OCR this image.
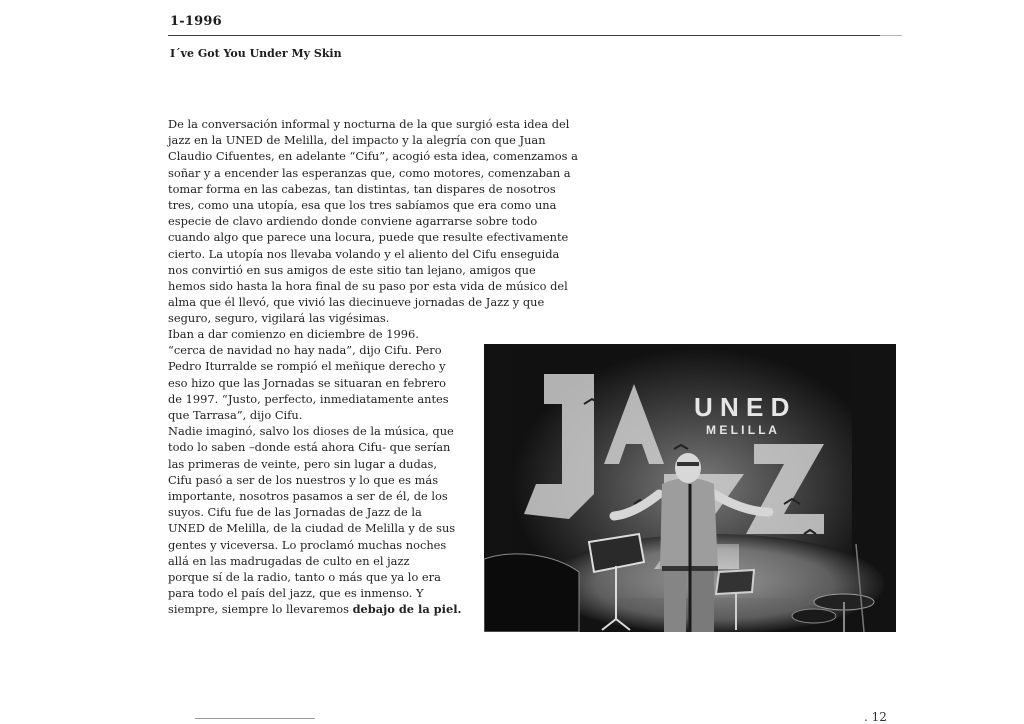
1-1996
I´ve Got You Under My Skin
De la conversación informal y nocturna de la que surgió esta idea del
jazz en la UNED de Melilla, del impacto y la alegría con que Juan
Claudio Cifuentes, en adelante “Cifu”, acogió esta idea, comenzamos a
soñar y a encender las esperanzas que, como motores, comenzaban a
tomar forma en las cabezas, tan distintas, tan dispares de nosotros
tres, como una utopía, esa que los tres sabíamos que era como una
especie de clavo ardiendo donde conviene agarrarse sobre todo
cuando algo que parece una locura, puede que resulte efectivamente
cierto. La utopía nos llevaba volando y el aliento del Cifu enseguida
nos convirtió en sus amigos de este sitio tan lejano, amigos que
hemos sido hasta la hora final de su paso por esta vida de músico del
alma que él llevó, que vivió las diecinueve jornadas de Jazz y que
seguro, seguro, vigilará las vigésimas.

Iban a dar comienzo en diciembre de 1996.
“cerca de navidad no hay nada”, dijo Cifu. Pero
Pedro Iturralde se rompió el meñique derecho y
eso hizo que las Jornadas se situaran en febrero
de 1997. “Justo, perfecto, inmediatamente antes
que Tarrasa”, dijo Cifu.

Nadie imaginó, salvo los dioses de la música, que
todo lo saben –donde está ahora Cifu- que serían
las primeras de veinte, pero sin lugar a dudas,
Cifu pasó a ser de los nuestros y lo que es más
importante, nosotros pasamos a ser de él, de los
suyos. Cifu fue de las Jornadas de Jazz de la
UNED de Melilla, de la ciudad de Melilla y de sus
gentes y viceversa. Lo proclamó muchas noches
allá en las madrugadas de culto en el jazz
porque sí de la radio, tanto o más que ya lo era
para todo el país del jazz, que es inmenso. Y
siempre, siempre lo llevaremos debajo de la piel.

U N E D
M E L I L L A
. 12
